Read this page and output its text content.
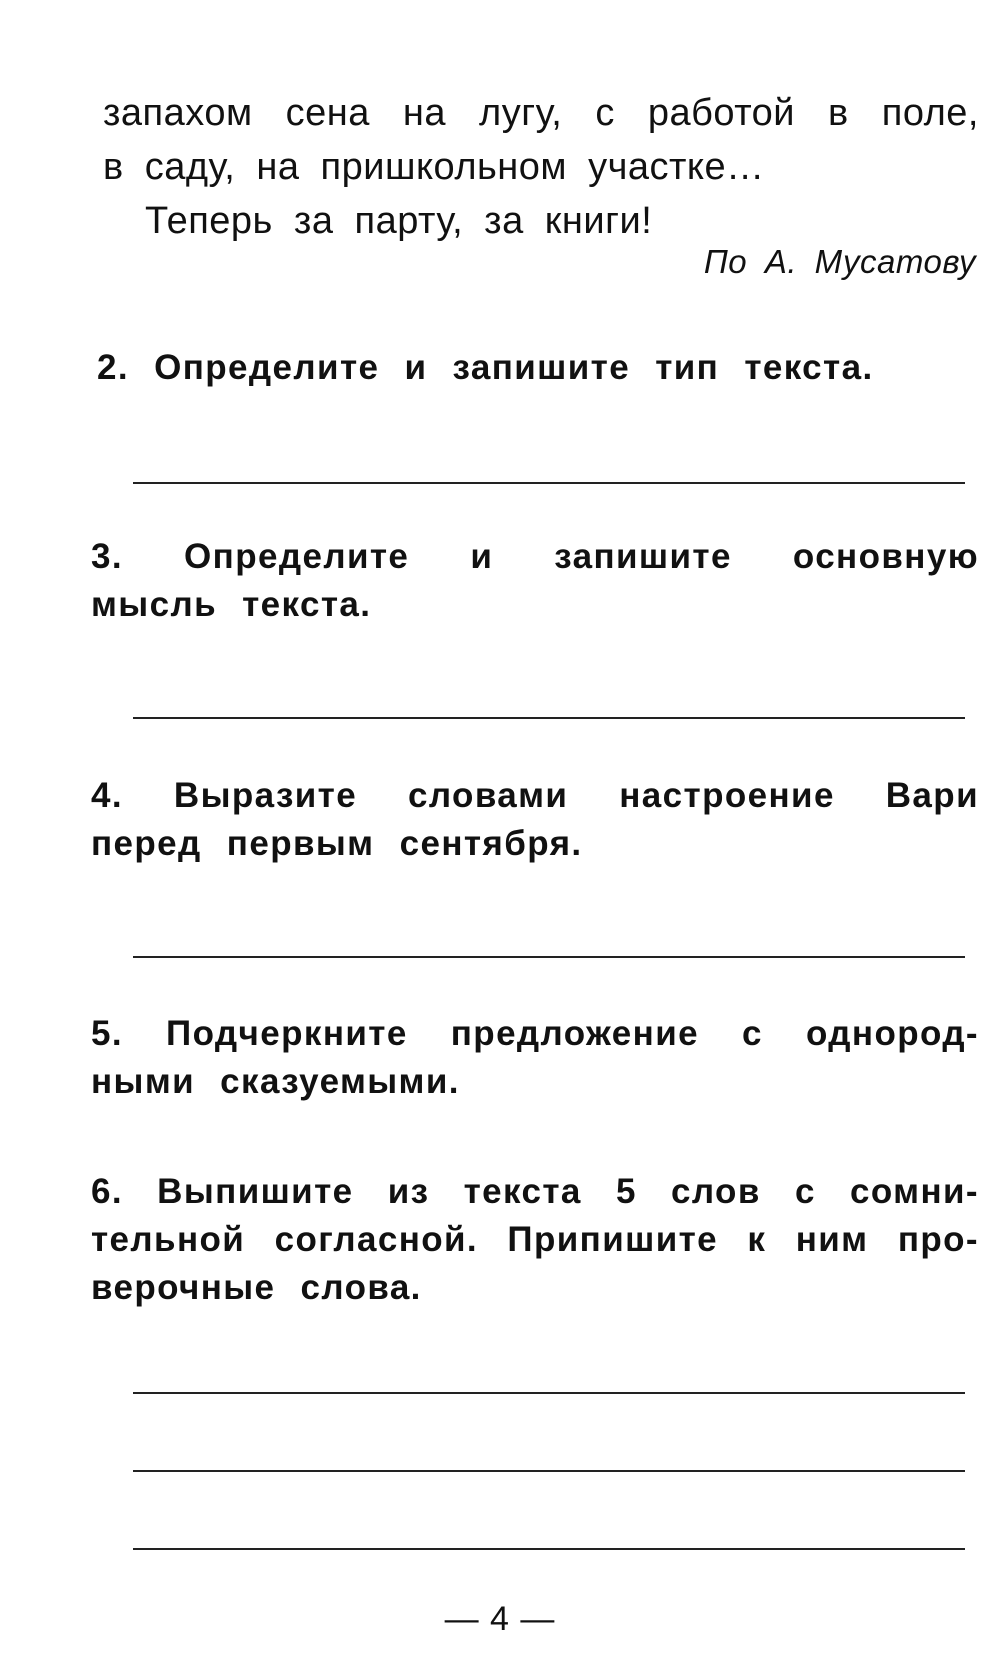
запахом сена на лугу, с работой в поле,
в саду, на пришкольном участке…
Теперь за парту, за книги!
По А. Мусатову
2. Определите и запишите тип текста.
3. Определите и запишите основную
мысль текста.
4. Выразите словами настроение Вари
перед первым сентября.
5. Подчеркните предложение с однород-
ными сказуемыми.
6. Выпишите из текста 5 слов с сомни-
тельной согласной. Припишите к ним про-
верочные слова.
— 4 —
